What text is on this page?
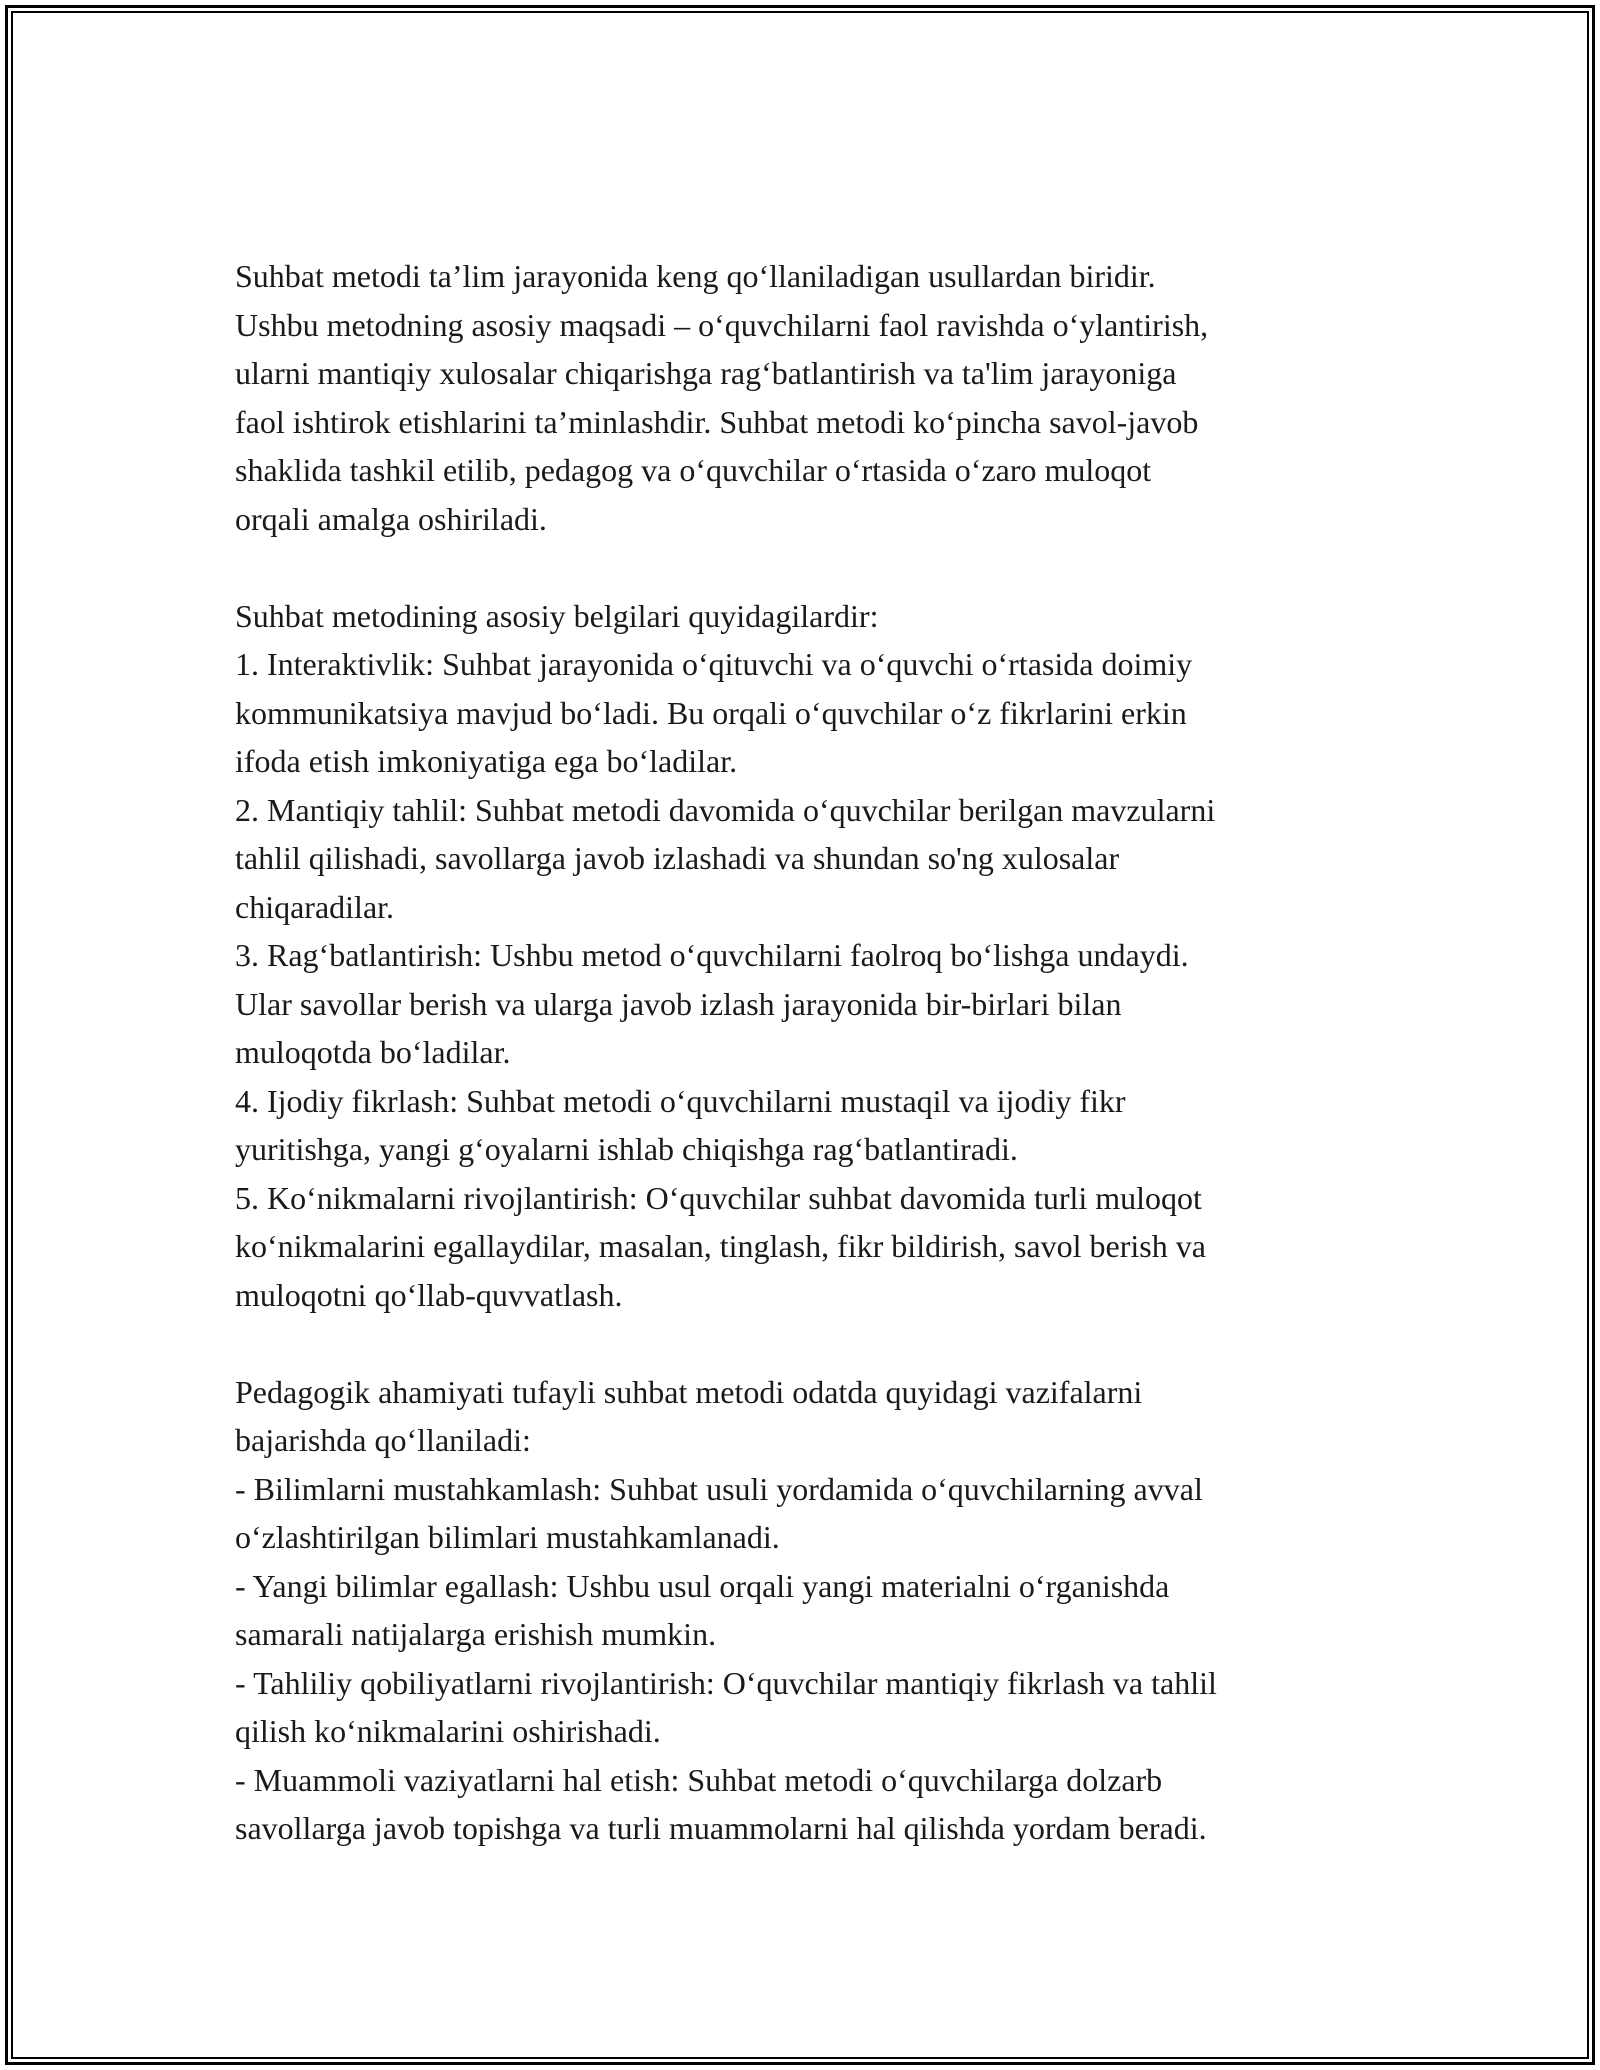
Suhbat metodi ta’lim jarayonida keng qo‘llaniladigan usullardan biridir.
Ushbu metodning asosiy maqsadi – o‘quvchilarni faol ravishda o‘ylantirish,
ularni mantiqiy xulosalar chiqarishga rag‘batlantirish va ta'lim jarayoniga
faol ishtirok etishlarini ta’minlashdir. Suhbat metodi ko‘pincha savol-javob
shaklida tashkil etilib, pedagog va o‘quvchilar o‘rtasida o‘zaro muloqot
orqali amalga oshiriladi.

Suhbat metodining asosiy belgilari quyidagilardir:

1. Interaktivlik: Suhbat jarayonida o‘qituvchi va o‘quvchi o‘rtasida doimiy
kommunikatsiya mavjud bo‘ladi. Bu orqali o‘quvchilar o‘z fikrlarini erkin
ifoda etish imkoniyatiga ega bo‘ladilar.

2. Mantiqiy tahlil: Suhbat metodi davomida o‘quvchilar berilgan mavzularni
tahlil qilishadi, savollarga javob izlashadi va shundan so'ng xulosalar
chiqaradilar.

3. Rag‘batlantirish: Ushbu metod o‘quvchilarni faolroq bo‘lishga undaydi.
Ular savollar berish va ularga javob izlash jarayonida bir-birlari bilan
muloqotda bo‘ladilar.

4. Ijodiy fikrlash: Suhbat metodi o‘quvchilarni mustaqil va ijodiy fikr
yuritishga, yangi g‘oyalarni ishlab chiqishga rag‘batlantiradi.

5. Ko‘nikmalarni rivojlantirish: O‘quvchilar suhbat davomida turli muloqot
ko‘nikmalarini egallaydilar, masalan, tinglash, fikr bildirish, savol berish va
muloqotni qo‘llab-quvvatlash.

Pedagogik ahamiyati tufayli suhbat metodi odatda quyidagi vazifalarni
bajarishda qo‘llaniladi:

- Bilimlarni mustahkamlash: Suhbat usuli yordamida o‘quvchilarning avval
o‘zlashtirilgan bilimlari mustahkamlanadi.

- Yangi bilimlar egallash: Ushbu usul orqali yangi materialni o‘rganishda
samarali natijalarga erishish mumkin.

- Tahliliy qobiliyatlarni rivojlantirish: O‘quvchilar mantiqiy fikrlash va tahlil
qilish ko‘nikmalarini oshirishadi.

- Muammoli vaziyatlarni hal etish: Suhbat metodi o‘quvchilarga dolzarb
savollarga javob topishga va turli muammolarni hal qilishda yordam beradi.
